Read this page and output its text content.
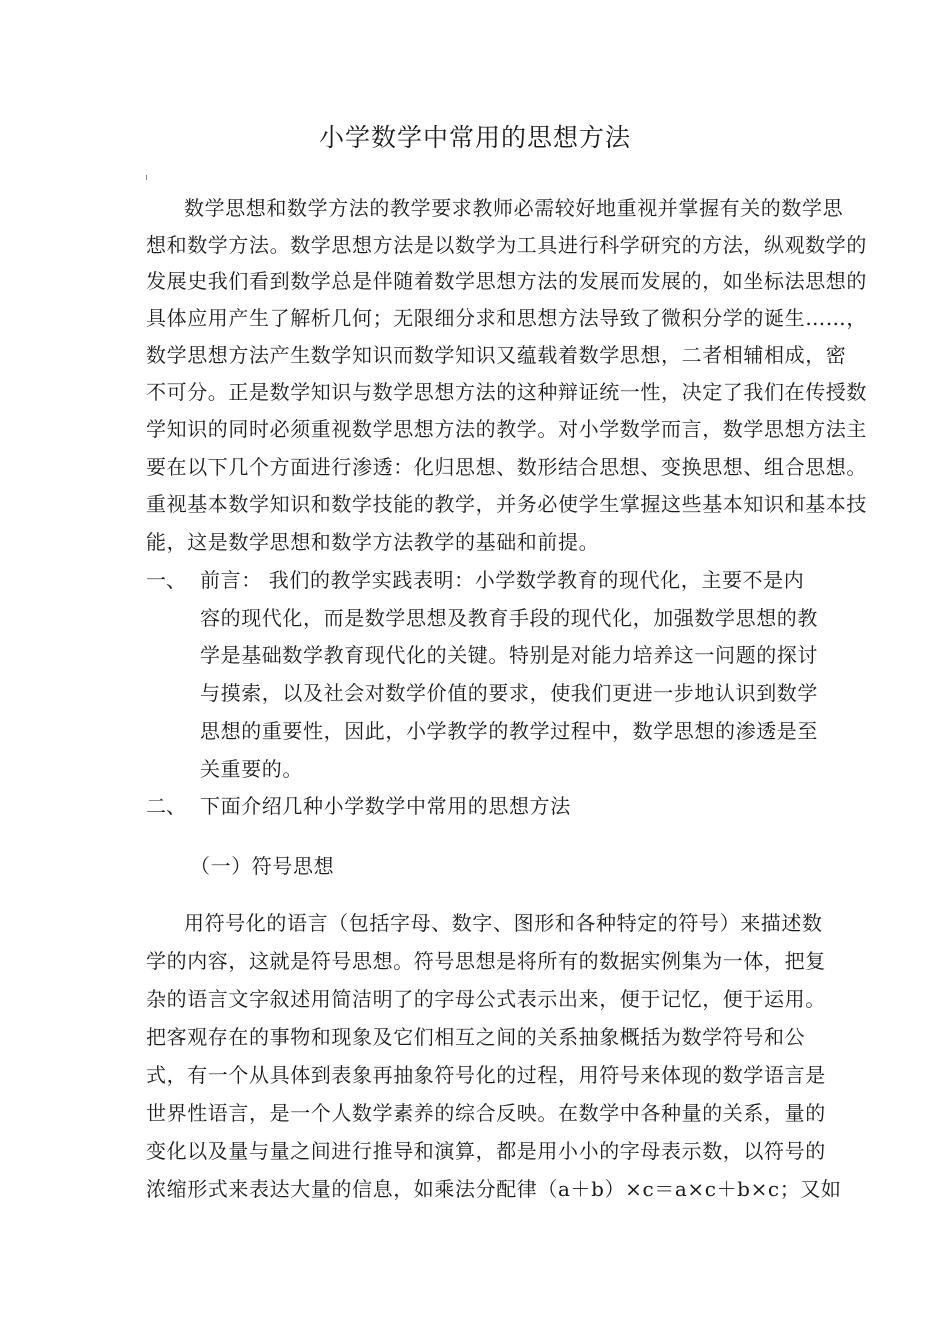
小学数学中常用的思想方法
数学思想和数学方法的教学要求教师必需较好地重视并掌握有关的数学思
想和数学方法。数学思想方法是以数学为工具进行科学研究的方法，纵观数学的
发展史我们看到数学总是伴随着数学思想方法的发展而发展的，如坐标法思想的
具体应用产生了解析几何；无限细分求和思想方法导致了微积分学的诞生……，
数学思想方法产生数学知识而数学知识又蕴载着数学思想，二者相辅相成，密
不可分。正是数学知识与数学思想方法的这种辩证统一性，决定了我们在传授数
学知识的同时必须重视数学思想方法的教学。对小学数学而言，数学思想方法主
要在以下几个方面进行渗透：化归思想、数形结合思想、变换思想、组合思想。
重视基本数学知识和数学技能的教学，并务必使学生掌握这些基本知识和基本技
能，这是数学思想和数学方法教学的基础和前提。
一、 前言： 我们的教学实践表明：小学数学教育的现代化，主要不是内
容的现代化，而是数学思想及教育手段的现代化，加强数学思想的教
学是基础数学教育现代化的关键。特别是对能力培养这一问题的探讨
与摸索，以及社会对数学价值的要求，使我们更进一步地认识到数学
思想的重要性，因此，小学教学的教学过程中，数学思想的渗透是至
关重要的。
二、 下面介绍几种小学数学中常用的思想方法
（一）符号思想
用符号化的语言（包括字母、数字、图形和各种特定的符号）来描述数
学的内容，这就是符号思想。符号思想是将所有的数据实例集为一体，把复
杂的语言文字叙述用简洁明了的字母公式表示出来，便于记忆，便于运用。
把客观存在的事物和现象及它们相互之间的关系抽象概括为数学符号和公
式，有一个从具体到表象再抽象符号化的过程，用符号来体现的数学语言是
世界性语言，是一个人数学素养的综合反映。在数学中各种量的关系，量的
变化以及量与量之间进行推导和演算，都是用小小的字母表示数，以符号的
浓缩形式来表达大量的信息，如乘法分配律（a＋b）×c＝a×c＋b×c；又如
